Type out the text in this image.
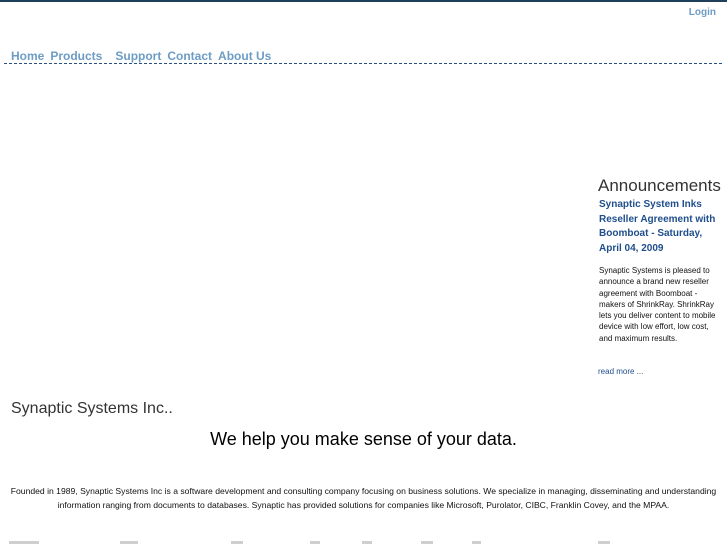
Login
Home Products Support Contact About Us
Announcements
Synaptic System Inks Reseller Agreement with Boomboat - Saturday, April 04, 2009
Synaptic Systems is pleased to announce a brand new reseller agreement with Boomboat - makers of ShrinkRay. ShrinkRay lets you deliver content to mobile device with low effort, low cost, and maximum results.
read more ...
Synaptic Systems Inc..
We help you make sense of your data.
Founded in 1989, Synaptic Systems Inc is a software development and consulting company focusing on business solutions. We specialize in managing, disseminating and understanding information ranging from documents to databases. Synaptic has provided solutions for companies like Microsoft, Purolator, CIBC, Franklin Covey, and the MPAA.
